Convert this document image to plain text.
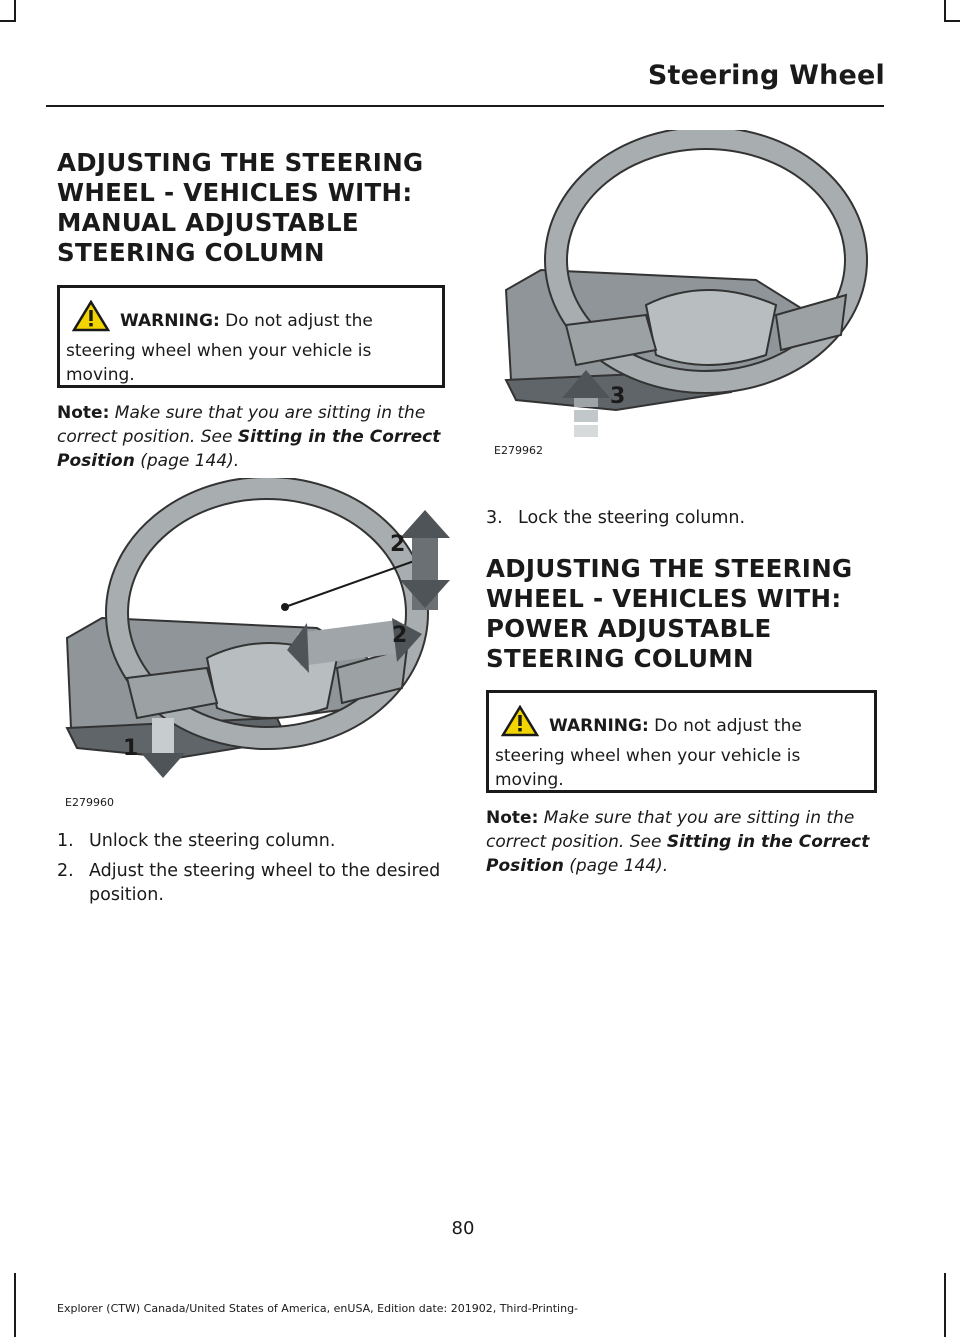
Steering Wheel
ADJUSTING THE STEERING
WHEEL - VEHICLES WITH:
MANUAL ADJUSTABLE
STEERING COLUMN
WARNING: Do not adjust the
steering wheel when your vehicle is moving.
Note: Make sure that you are sitting in the correct position. See Sitting in the Correct Position (page 144).
2
2
1
E279960
1. Unlock the steering column.
2. Adjust the steering wheel to the desired position.
3
E279962
3. Lock the steering column.
ADJUSTING THE STEERING
WHEEL - VEHICLES WITH:
POWER ADJUSTABLE
STEERING COLUMN
WARNING: Do not adjust the
steering wheel when your vehicle is moving.
Note: Make sure that you are sitting in the correct position. See Sitting in the Correct Position (page 144).
80
Explorer (CTW) Canada/United States of America, enUSA, Edition date: 201902, Third-Printing-
